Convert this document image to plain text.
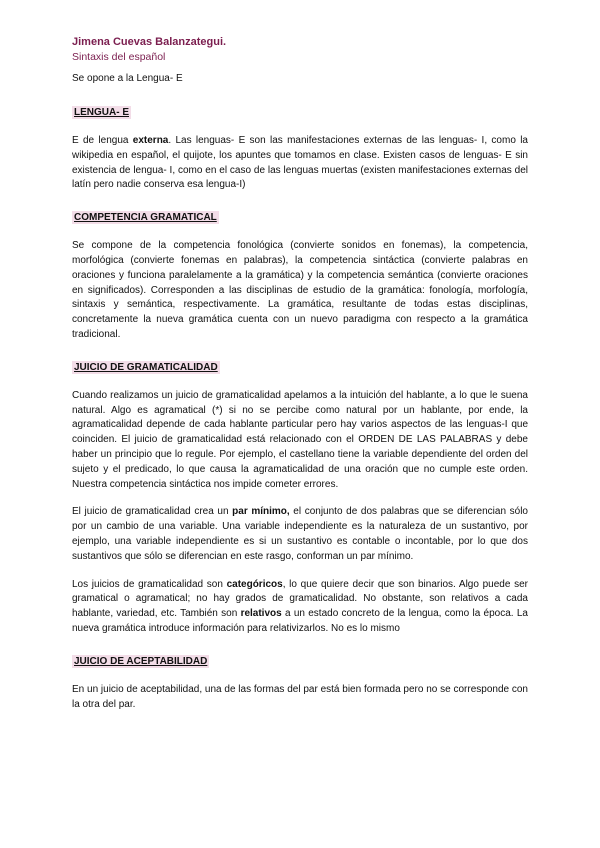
Jimena Cuevas Balanzategui.
Sintaxis del español
Se opone a la Lengua- E
LENGUA- E

E de lengua externa. Las lenguas- E son las manifestaciones externas de las lenguas- I, como la wikipedia en español, el quijote, los apuntes que tomamos en clase. Existen casos de lenguas- E sin existencia de lengua- I, como en el caso de las lenguas muertas (existen manifestaciones externas del latín pero nadie conserva esa lengua-I)

COMPETENCIA GRAMATICAL

Se compone de la competencia fonológica (convierte sonidos en fonemas), la competencia, morfológica (convierte fonemas en palabras), la competencia sintáctica (convierte palabras en oraciones y funciona paralelamente a la gramática) y la competencia semántica (convierte oraciones en significados). Corresponden a las disciplinas de estudio de la gramática: fonología, morfología, sintaxis y semántica, respectivamente. La gramática, resultante de todas estas disciplinas, concretamente la nueva gramática cuenta con un nuevo paradigma con respecto a la gramática tradicional.

JUICIO DE GRAMATICALIDAD

Cuando realizamos un juicio de gramaticalidad apelamos a la intuición del hablante, a lo que le suena natural. Algo es agramatical (*) si no se percibe como natural por un hablante, por ende, la agramaticalidad depende de cada hablante particular pero hay varios aspectos de las lenguas-I que coinciden. El juicio de gramaticalidad está relacionado con el ORDEN DE LAS PALABRAS y debe haber un principio que lo regule. Por ejemplo, el castellano tiene la variable dependiente del orden del sujeto y el predicado, lo que causa la agramaticalidad de una oración que no cumple este orden. Nuestra competencia sintáctica nos impide cometer errores.

El juicio de gramaticalidad crea un par mínimo, el conjunto de dos palabras que se diferencian sólo por un cambio de una variable. Una variable independiente es la naturaleza de un sustantivo, por ejemplo, una variable independiente es si un sustantivo es contable o incontable, por lo que dos sustantivos que sólo se diferencian en este rasgo, conforman un par mínimo.

Los juicios de gramaticalidad son categóricos, lo que quiere decir que son binarios. Algo puede ser gramatical o agramatical; no hay grados de gramaticalidad. No obstante, son relativos a cada hablante, variedad, etc. También son relativos a un estado concreto de la lengua, como la época. La nueva gramática introduce información para relativizarlos. No es lo mismo

JUICIO DE ACEPTABILIDAD

En un juicio de aceptabilidad, una de las formas del par está bien formada pero no se corresponde con la otra del par.
